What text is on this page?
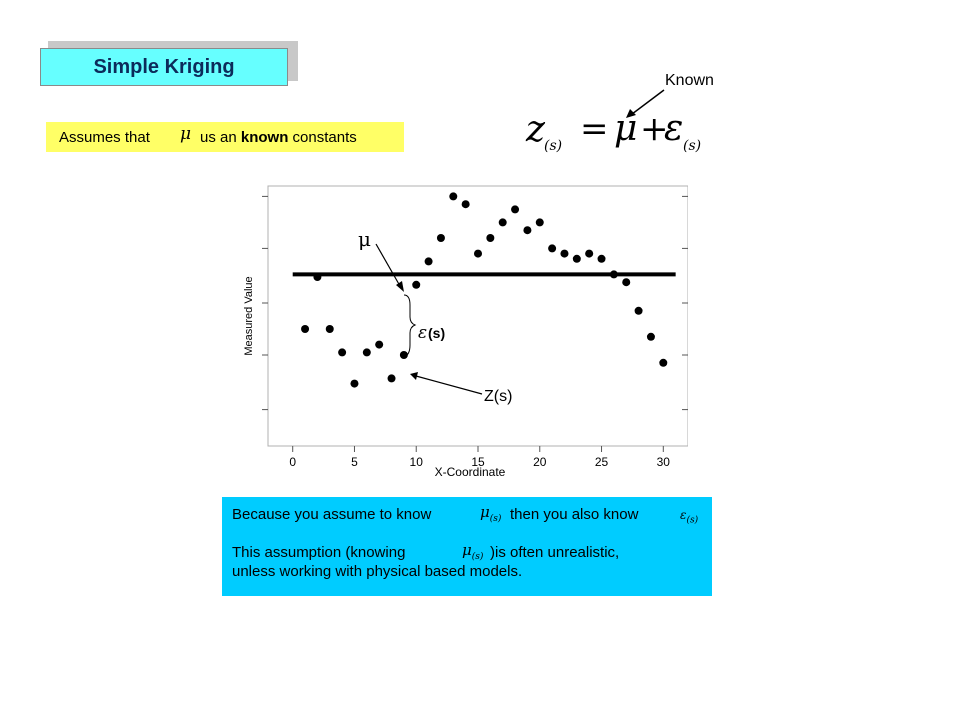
Simple Kriging
Known
z (s) = μ +
ε (s)
Assumes that μ us an known constants
0	5	10	15	20	25	30
Measured Value
X-Coordinate
μ
ε (s)
Z(s)
Because you assume to know	$\mu_{(s)}$ then you also know	$\varepsilon_{(s)}$
This assumption (knowing	$\mu_{(s)}$ )is often unrealistic,
unless working with physical based models.
